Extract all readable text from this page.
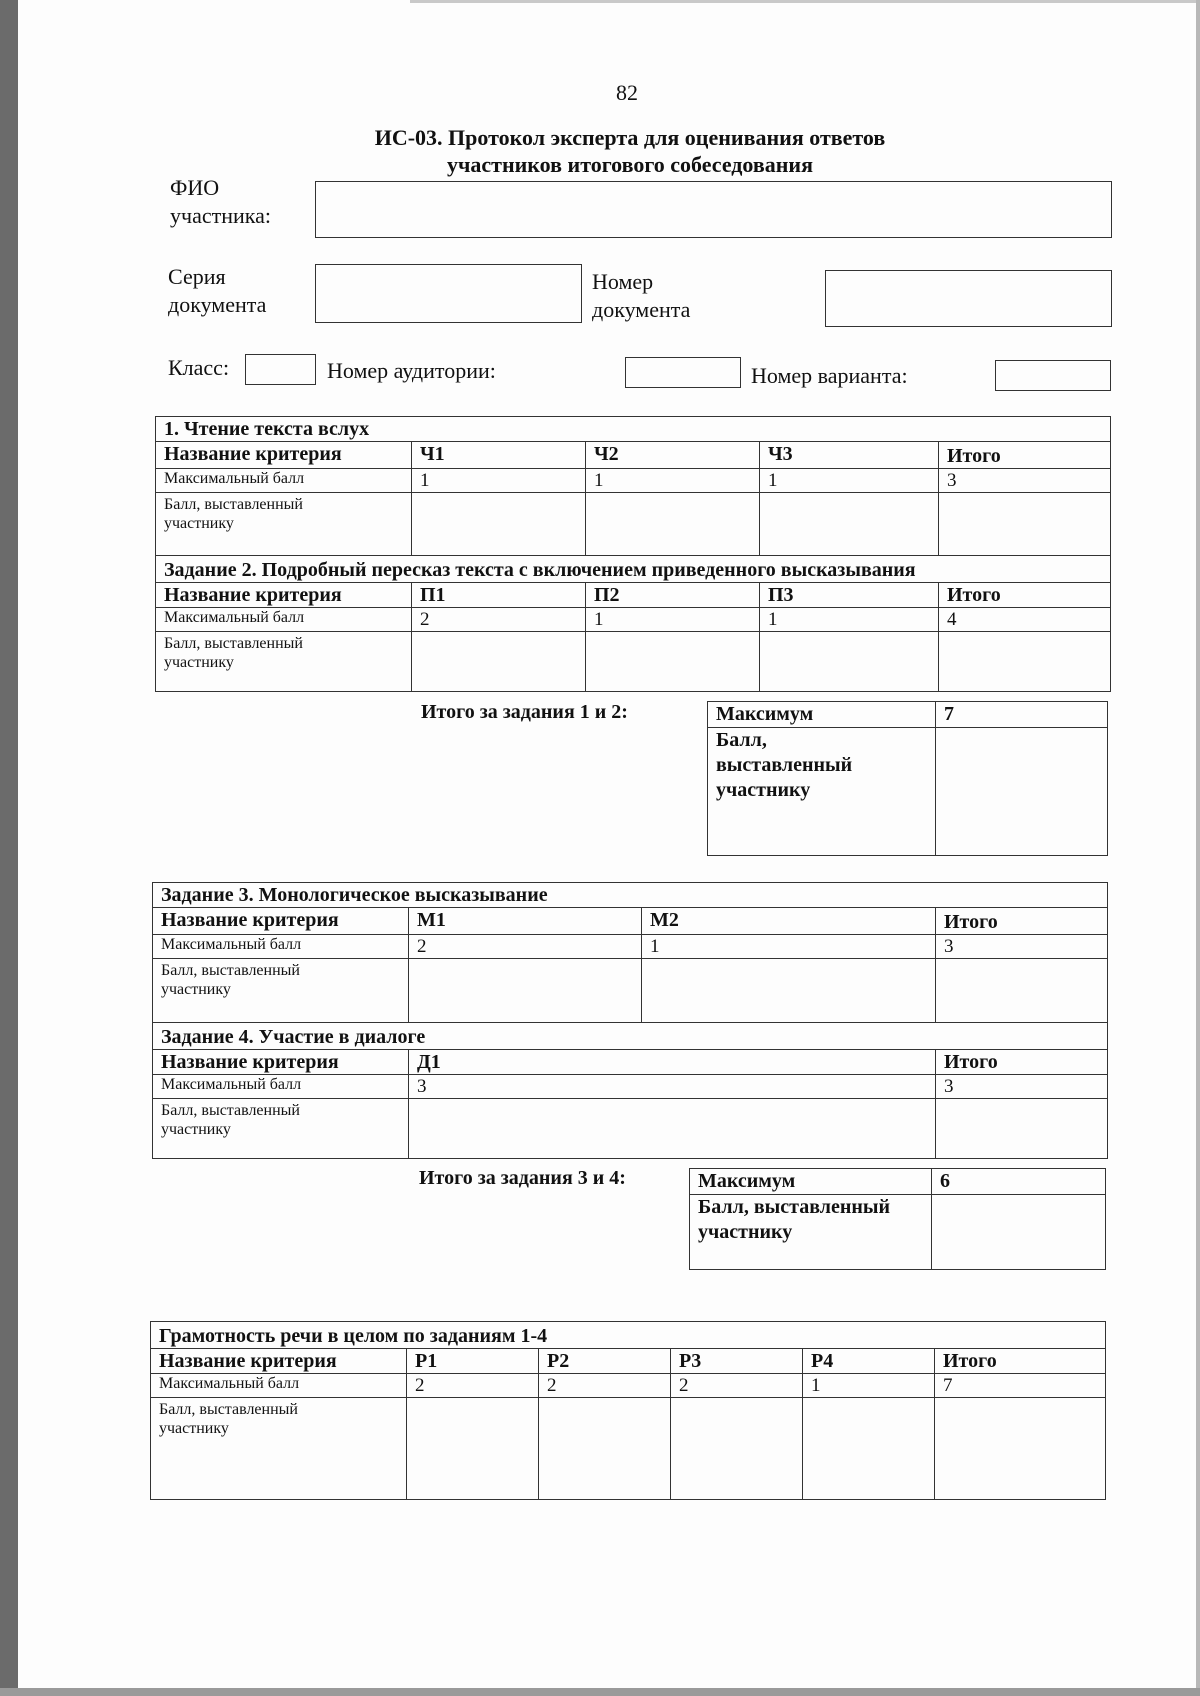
82
ИС-03. Протокол эксперта для оценивания ответов
участников итогового собеседования
ФИО
участника:
Серия
документа
Номер
документа
Класс:	Номер аудитории:	Номер варианта:
1. Чтение текста вслух				
Название критерия	Ч1	Ч2	Ч3	Итого
Максимальный балл	1	1	1	3

Балл, выставленный
участнику				

Задание 2. Подробный пересказ текста с включением приведенного высказывания				
Название критерия	П1	П2	П3	Итого
Максимальный балл	2	1	1	4

Балл, выставленный
участнику				

Итого за задания 1 и 2:	Максимум	7

Балл,
выставленный
участнику	

Задание 3. Монологическое высказывание			
Название критерия	М1	М2	Итого
Максимальный балл	2	1	3

Балл, выставленный
участнику			

Задание 4. Участие в диалоге			
Название критерия	Д1		Итого
Максимальный балл	3		3

Балл, выставленный
участнику			

Итого за задания 3 и 4:	Максимум	6

Балл, выставленный
участнику	

Грамотность речи в целом по заданиям 1-4					
Название критерия	Р1	Р2	Р3	Р4	Итого
Максимальный балл	2	2	2	1	7

Балл, выставленный
участнику					
